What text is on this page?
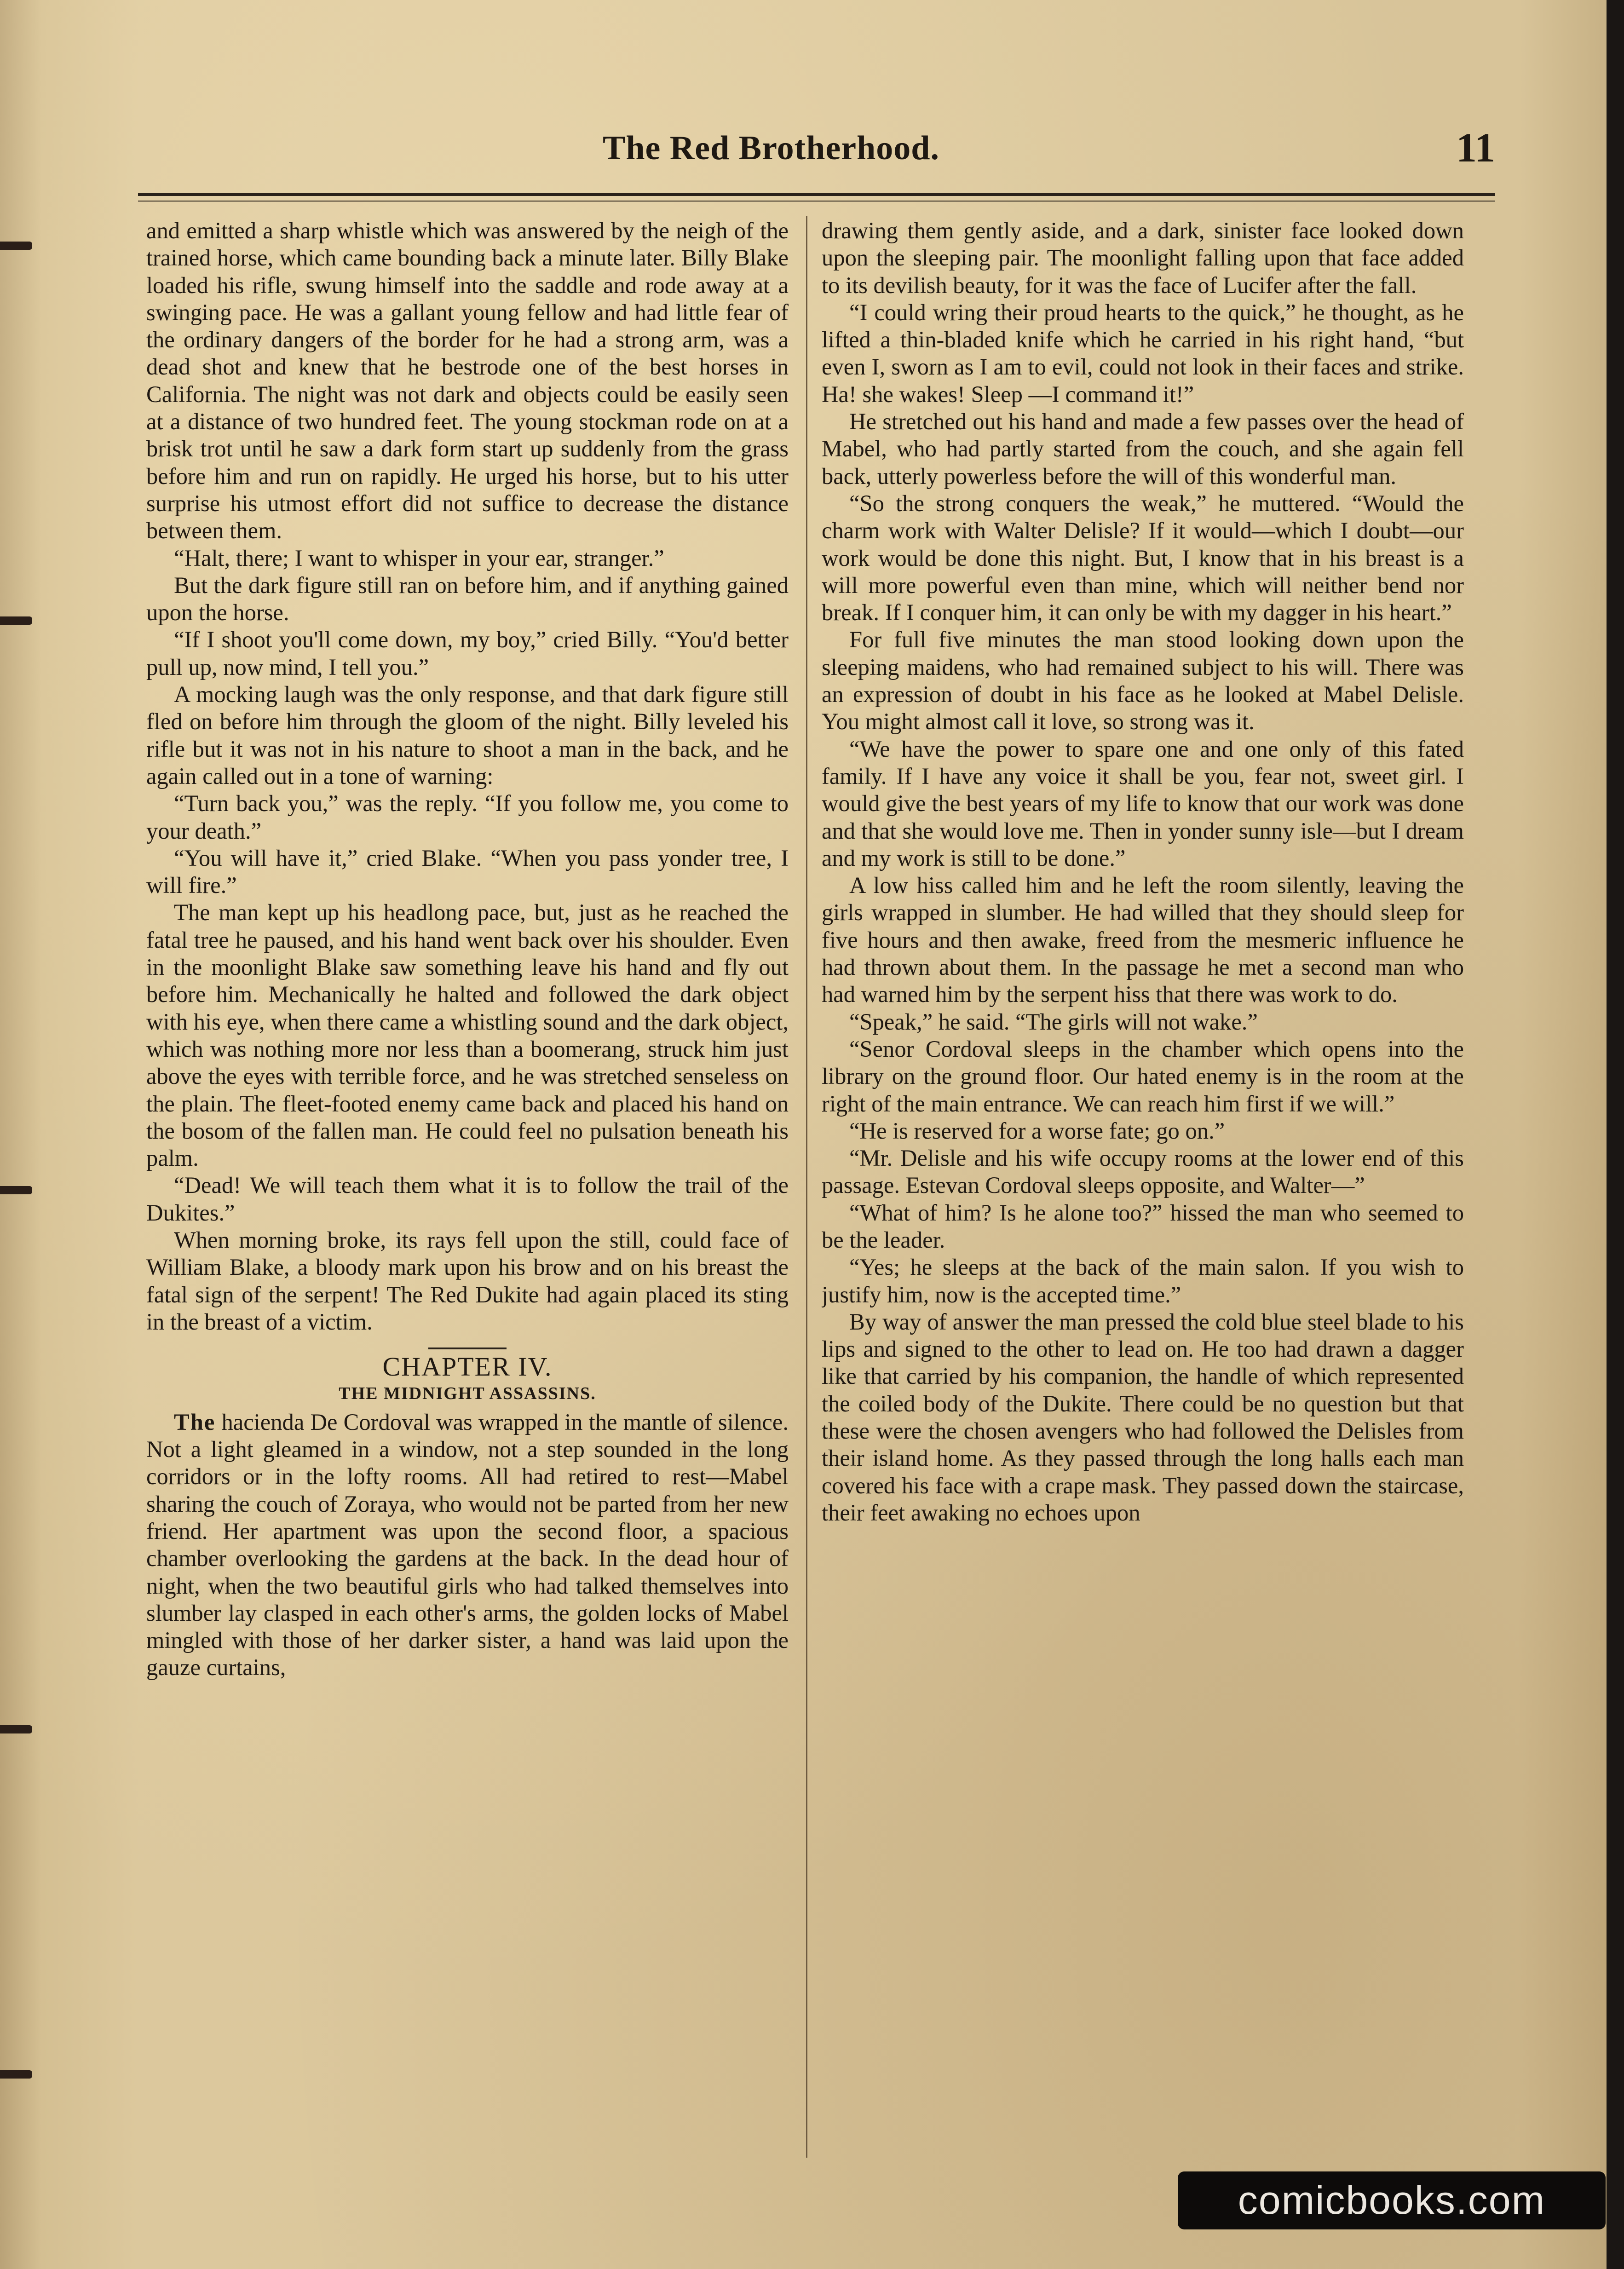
The Red Brotherhood.	11

and emitted a sharp whistle which was answered by the neigh of the trained horse, which came bounding back a minute later. Billy Blake loaded his rifle, swung himself into the saddle and rode away at a swinging pace. He was a gallant young fellow and had little fear of the ordinary dangers of the border for he had a strong arm, was a dead shot and knew that he bestrode one of the best horses in California. The night was not dark and objects could be easily seen at a distance of two hundred feet. The young stockman rode on at a brisk trot until he saw a dark form start up suddenly from the grass before him and run on rapidly. He urged his horse, but to his utter surprise his utmost effort did not suffice to decrease the distance between them.

“Halt, there; I want to whisper in your ear, stranger.”

But the dark figure still ran on before him, and if anything gained upon the horse.

“If I shoot you'll come down, my boy,” cried Billy. “You'd better pull up, now mind, I tell you.”

A mocking laugh was the only response, and that dark figure still fled on before him through the gloom of the night. Billy leveled his rifle but it was not in his nature to shoot a man in the back, and he again called out in a tone of warning:

“Turn back you,” was the reply. “If you follow me, you come to your death.”

“You will have it,” cried Blake. “When you pass yonder tree, I will fire.”

The man kept up his headlong pace, but, just as he reached the fatal tree he paused, and his hand went back over his shoulder. Even in the moonlight Blake saw something leave his hand and fly out before him. Mechanically he halted and followed the dark object with his eye, when there came a whistling sound and the dark object, which was nothing more nor less than a boomerang, struck him just above the eyes with terrible force, and he was stretched senseless on the plain. The fleet-footed enemy came back and placed his hand on the bosom of the fallen man. He could feel no pulsation beneath his palm.

“Dead! We will teach them what it is to follow the trail of the Dukites.”

When morning broke, its rays fell upon the still, could face of William Blake, a bloody mark upon his brow and on his breast the fatal sign of the serpent! The Red Dukite had again placed its sting in the breast of a victim.

CHAPTER IV.
THE MIDNIGHT ASSASSINS.

The hacienda De Cordoval was wrapped in the mantle of silence. Not a light gleamed in a window, not a step sounded in the long corridors or in the lofty rooms. All had retired to rest—Mabel sharing the couch of Zoraya, who would not be parted from her new friend. Her apartment was upon the second floor, a spacious chamber overlooking the gardens at the back. In the dead hour of night, when the two beautiful girls who had talked themselves into slumber lay clasped in each other's arms, the golden locks of Mabel mingled with those of her darker sister, a hand was laid upon the gauze curtains,

drawing them gently aside, and a dark, sinister face looked down upon the sleeping pair. The moonlight falling upon that face added to its devilish beauty, for it was the face of Lucifer after the fall.

“I could wring their proud hearts to the quick,” he thought, as he lifted a thin-bladed knife which he carried in his right hand, “but even I, sworn as I am to evil, could not look in their faces and strike. Ha! she wakes! Sleep —I command it!”

He stretched out his hand and made a few passes over the head of Mabel, who had partly started from the couch, and she again fell back, utterly powerless before the will of this wonderful man.

“So the strong conquers the weak,” he muttered. “Would the charm work with Walter Delisle? If it would—which I doubt—our work would be done this night. But, I know that in his breast is a will more powerful even than mine, which will neither bend nor break. If I conquer him, it can only be with my dagger in his heart.”

For full five minutes the man stood looking down upon the sleeping maidens, who had remained subject to his will. There was an expression of doubt in his face as he looked at Mabel Delisle. You might almost call it love, so strong was it.

“We have the power to spare one and one only of this fated family. If I have any voice it shall be you, fear not, sweet girl. I would give the best years of my life to know that our work was done and that she would love me. Then in yonder sunny isle—but I dream and my work is still to be done.”

A low hiss called him and he left the room silently, leaving the girls wrapped in slumber. He had willed that they should sleep for five hours and then awake, freed from the mesmeric influence he had thrown about them. In the passage he met a second man who had warned him by the serpent hiss that there was work to do.

“Speak,” he said. “The girls will not wake.”

“Senor Cordoval sleeps in the chamber which opens into the library on the ground floor. Our hated enemy is in the room at the right of the main entrance. We can reach him first if we will.”

“He is reserved for a worse fate; go on.”

“Mr. Delisle and his wife occupy rooms at the lower end of this passage. Estevan Cordoval sleeps opposite, and Walter—”

“What of him? Is he alone too?” hissed the man who seemed to be the leader.

“Yes; he sleeps at the back of the main salon. If you wish to justify him, now is the accepted time.”

By way of answer the man pressed the cold blue steel blade to his lips and signed to the other to lead on. He too had drawn a dagger like that carried by his companion, the handle of which represented the coiled body of the Dukite. There could be no question but that these were the chosen avengers who had followed the Delisles from their island home. As they passed through the long halls each man covered his face with a crape mask. They passed down the staircase, their feet awaking no echoes upon

comicbooks.com
